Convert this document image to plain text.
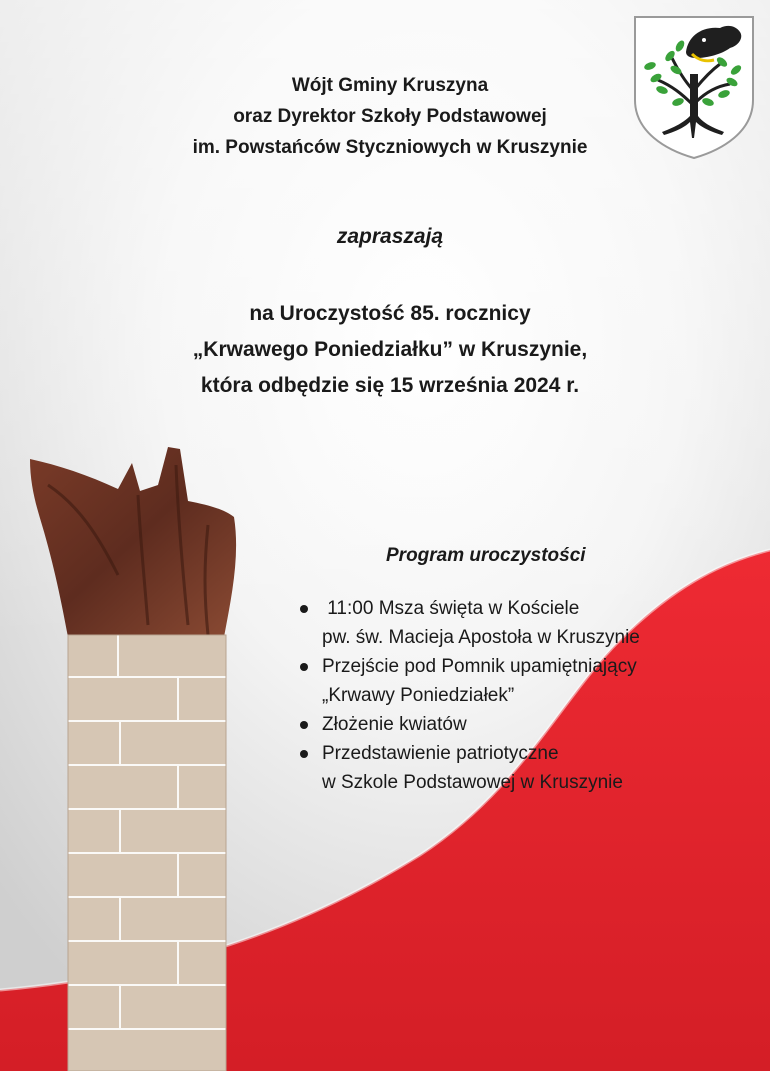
Wójt Gminy Kruszyna
oraz Dyrektor Szkoły Podstawowej
im. Powstańców Styczniowych w Kruszynie
zapraszają
na Uroczystość 85. rocznicy
„Krwawego Poniedziałku” w Kruszynie,
która odbędzie się 15 września 2024 r.
Program uroczystości
11:00 Msza święta w Kościele
pw. św. Macieja Apostoła w Kruszynie
Przejście pod Pomnik upamiętniający
„Krwawy Poniedziałek”
Złożenie kwiatów
Przedstawienie patriotyczne
w Szkole Podstawowej w Kruszynie
